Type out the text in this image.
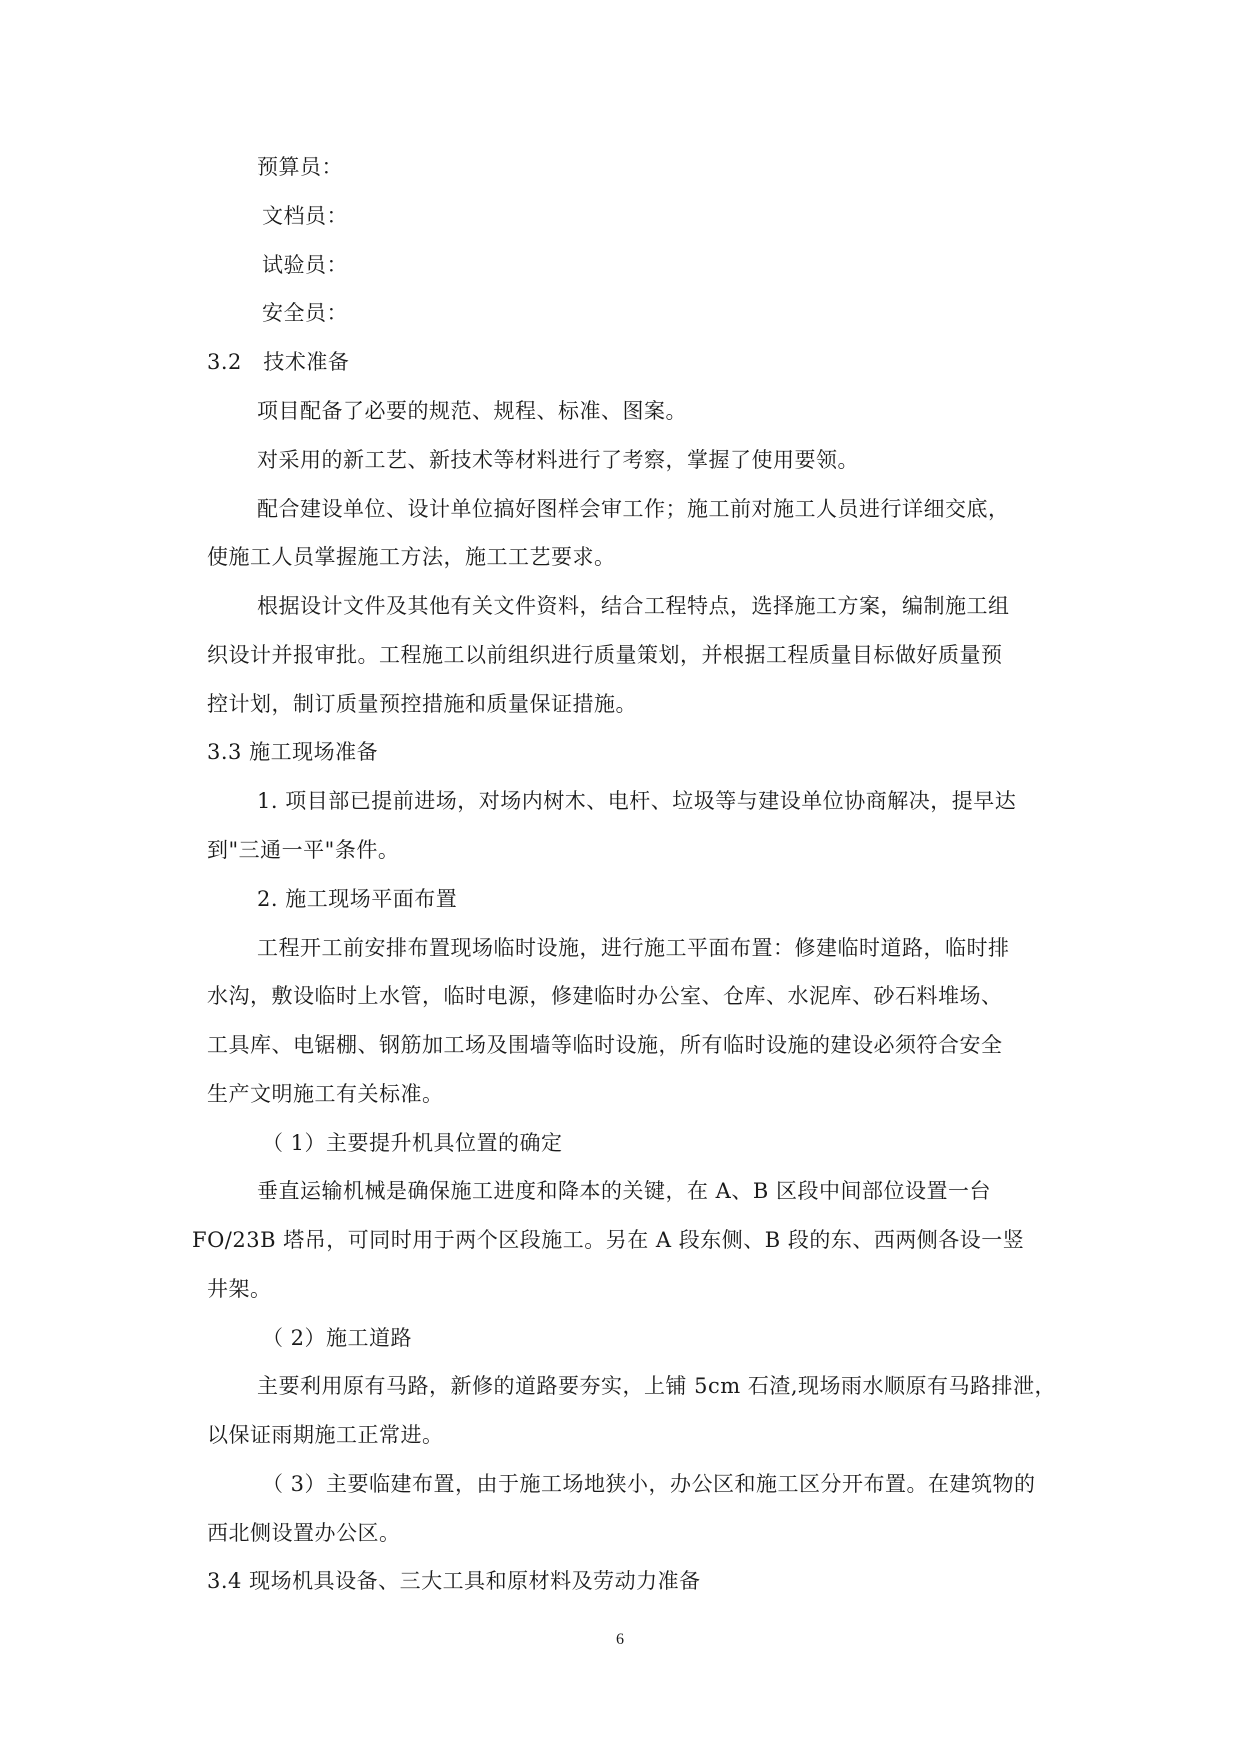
预算员：
文档员：
试验员：
安全员：
3.2　技术准备
项目配备了必要的规范、规程、标准、图案。
对采用的新工艺、新技术等材料进行了考察，掌握了使用要领。
配合建设单位、设计单位搞好图样会审工作；施工前对施工人员进行详细交底，
使施工人员掌握施工方法，施工工艺要求。
根据设计文件及其他有关文件资料，结合工程特点，选择施工方案，编制施工组
织设计并报审批。工程施工以前组织进行质量策划，并根据工程质量目标做好质量预
控计划，制订质量预控措施和质量保证措施。
3.3 施工现场准备
1. 项目部已提前进场，对场内树木、电杆、垃圾等与建设单位协商解决，提早达
到"三通一平"条件。
2. 施工现场平面布置
工程开工前安排布置现场临时设施，进行施工平面布置：修建临时道路，临时排
水沟，敷设临时上水管，临时电源，修建临时办公室、仓库、水泥库、砂石料堆场、
工具库、电锯棚、钢筋加工场及围墙等临时设施，所有临时设施的建设必须符合安全
生产文明施工有关标准。
（ 1）主要提升机具位置的确定
垂直运输机械是确保施工进度和降本的关键，在 A、B 区段中间部位设置一台
FO/23B 塔吊，可同时用于两个区段施工。另在 A 段东侧、B 段的东、西两侧各设一竖
井架。
（ 2）施工道路
主要利用原有马路，新修的道路要夯实，上铺 5cm 石渣,现场雨水顺原有马路排泄，
以保证雨期施工正常进。
（ 3）主要临建布置，由于施工场地狭小，办公区和施工区分开布置。在建筑物的
西北侧设置办公区。
3.4 现场机具设备、三大工具和原材料及劳动力准备
6
